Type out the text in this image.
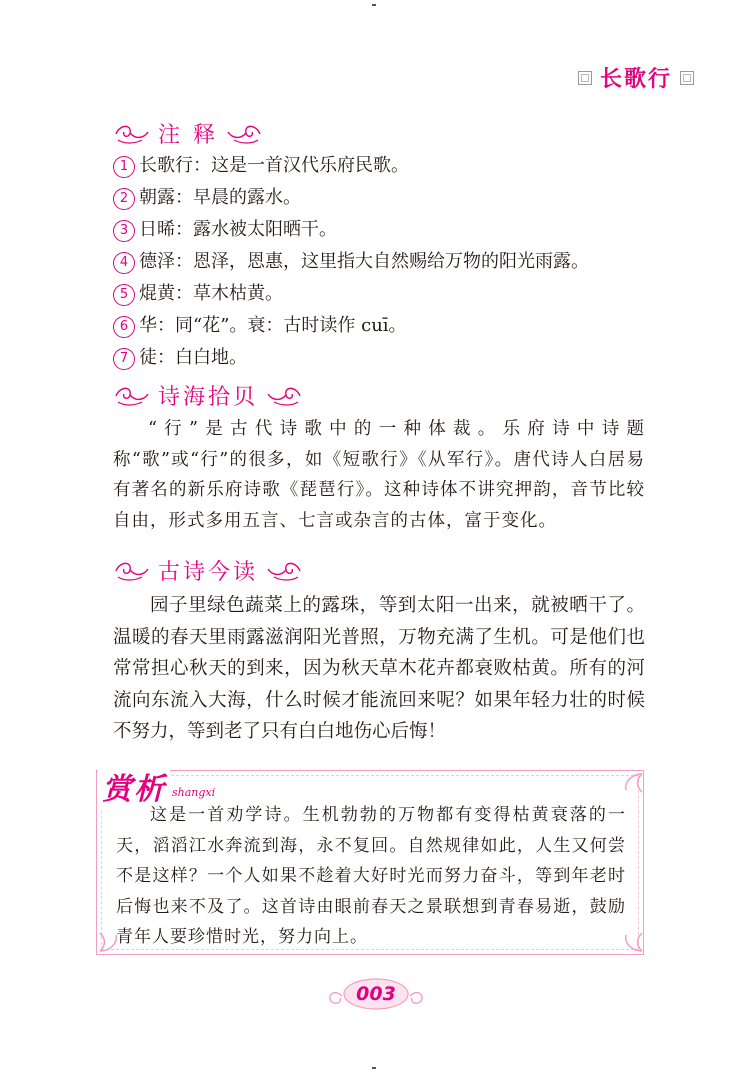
长歌行
注 释
1 长歌行：这是一首汉代乐府民歌。
2 朝露：早晨的露水。
3 日晞：露水被太阳晒干。
4 德泽：恩泽，恩惠，这里指大自然赐给万物的阳光雨露。
5 焜黄：草木枯黄。
6 华：同“花”。衰：古时读作 cuī。
7 徒：白白地。
诗海拾贝

“行”是古代诗歌中的一种体裁。乐府诗中诗题称“歌”或“行”的很多，如《短歌行》《从军行》。唐代诗人白居易有著名的新乐府诗歌《琵琶行》。这种诗体不讲究押韵，音节比较自由，形式多用五言、七言或杂言的古体，富于变化。

古诗今读

园子里绿色蔬菜上的露珠，等到太阳一出来，就被晒干了。温暖的春天里雨露滋润阳光普照，万物充满了生机。可是他们也常常担心秋天的到来，因为秋天草木花卉都衰败枯黄。所有的河流向东流入大海，什么时候才能流回来呢？如果年轻力壮的时候不努力，等到老了只有白白地伤心后悔！

赏析 shangxi

这是一首劝学诗。生机勃勃的万物都有变得枯黄衰落的一天，滔滔江水奔流到海，永不复回。自然规律如此，人生又何尝不是这样？一个人如果不趁着大好时光而努力奋斗，等到年老时后悔也来不及了。这首诗由眼前春天之景联想到青春易逝，鼓励青年人要珍惜时光，努力向上。

003
